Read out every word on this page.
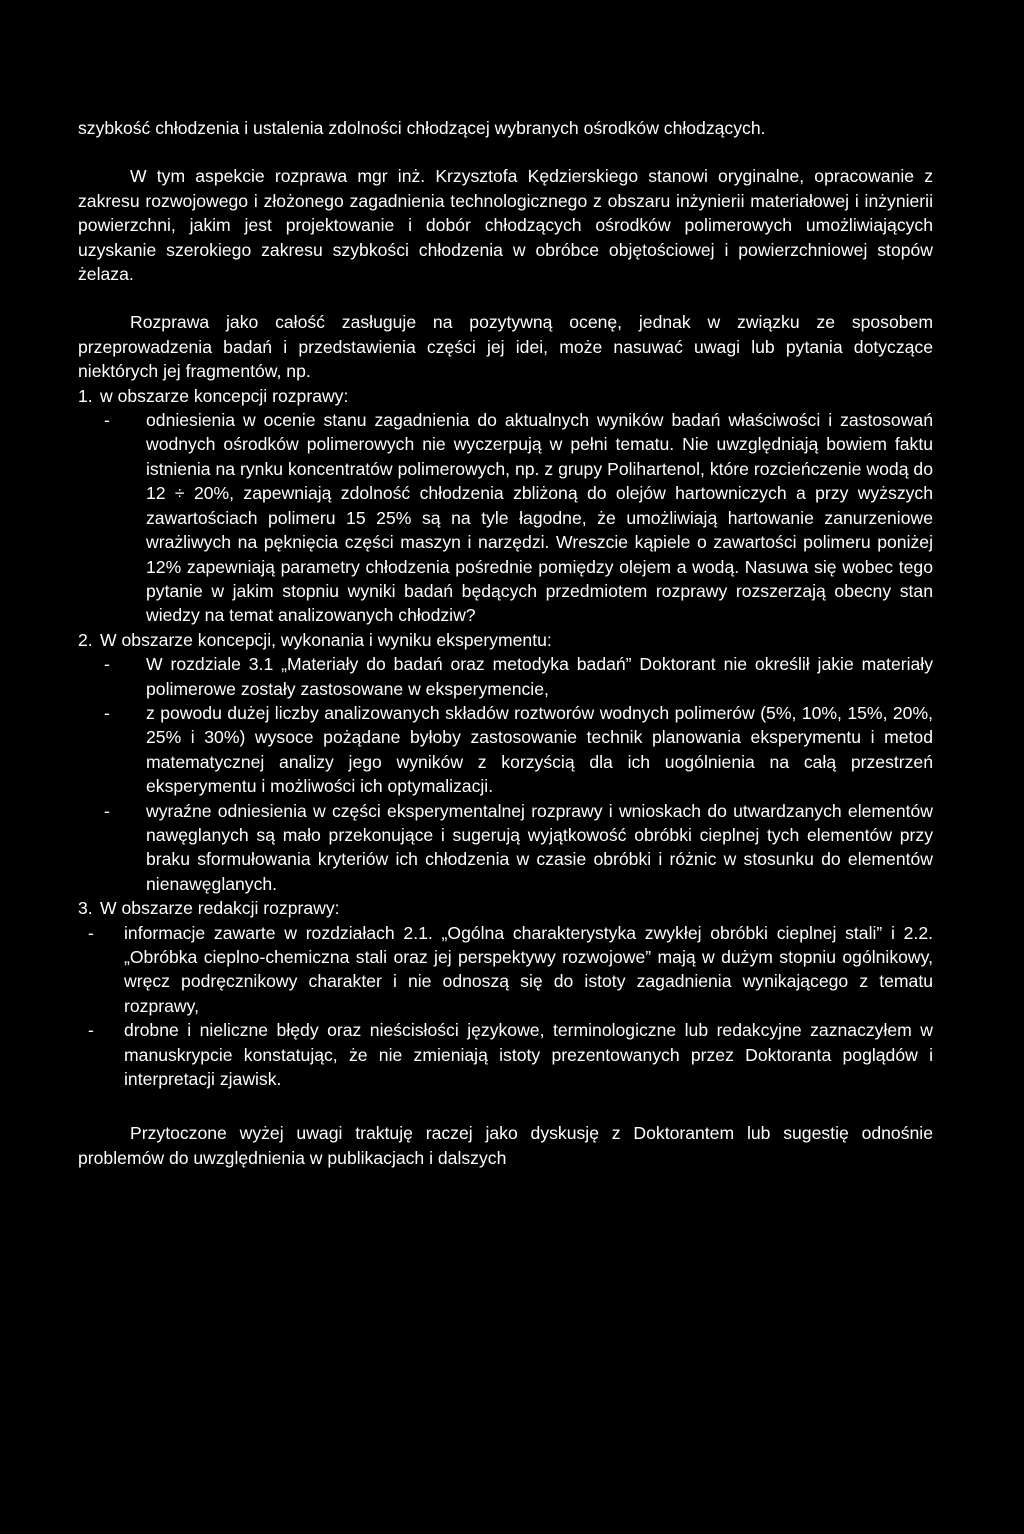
szybkość chłodzenia i ustalenia zdolności chłodzącej wybranych ośrodków chłodzących.

W tym aspekcie rozprawa mgr inż. Krzysztofa Kędzierskiego stanowi oryginalne, opracowanie z zakresu rozwojowego i złożonego zagadnienia technologicznego z obszaru inżynierii materiałowej i inżynierii powierzchni, jakim jest projektowanie i dobór chłodzących ośrodków polimerowych umożliwiających uzyskanie szerokiego zakresu szybkości chłodzenia w obróbce objętościowej i powierzchniowej stopów żelaza.

Rozprawa jako całość zasługuje na pozytywną ocenę, jednak w związku ze sposobem przeprowadzenia badań i przedstawienia części jej idei, może nasuwać uwagi lub pytania dotyczące niektórych jej fragmentów, np.

1. w obszarze koncepcji rozprawy:
-	odniesienia w ocenie stanu zagadnienia do aktualnych wyników badań właściwości i zastosowań wodnych ośrodków polimerowych nie wyczerpują w pełni tematu. Nie uwzględniają bowiem faktu istnienia na rynku koncentratów polimerowych, np. z grupy Polihartenol, które rozcieńczenie wodą do 12 ÷ 20%, zapewniają zdolność chłodzenia zbliżoną do olejów hartowniczych a przy wyższych zawartościach polimeru 15 25% są na tyle łagodne, że umożliwiają hartowanie zanurzeniowe wrażliwych na pęknięcia części maszyn i narzędzi. Wreszcie kąpiele o zawartości polimeru poniżej 12% zapewniają parametry chłodzenia pośrednie pomiędzy olejem a wodą. Nasuwa się wobec tego pytanie w jakim stopniu wyniki badań będących przedmiotem rozprawy rozszerzają obecny stan wiedzy na temat analizowanych chłodziw?
2. W obszarze koncepcji, wykonania i wyniku eksperymentu:
-	W rozdziale 3.1 „Materiały do badań oraz metodyka badań” Doktorant nie określił jakie materiały polimerowe zostały zastosowane w eksperymencie,
-	z powodu dużej liczby analizowanych składów roztworów wodnych polimerów (5%, 10%, 15%, 20%, 25% i 30%) wysoce pożądane byłoby zastosowanie technik planowania eksperymentu i metod matematycznej analizy jego wyników z korzyścią dla ich uogólnienia na całą przestrzeń eksperymentu i możliwości ich optymalizacji.
-	wyraźne odniesienia w części eksperymentalnej rozprawy i wnioskach do utwardzanych elementów nawęglanych są mało przekonujące i sugerują wyjątkowość obróbki cieplnej tych elementów przy braku sformułowania kryteriów ich chłodzenia w czasie obróbki i różnic w stosunku do elementów nienawęglanych.
3. W obszarze redakcji rozprawy:
-	informacje zawarte w rozdziałach 2.1. „Ogólna charakterystyka zwykłej obróbki cieplnej stali” i 2.2. „Obróbka cieplno-chemiczna stali oraz jej perspektywy rozwojowe” mają w dużym stopniu ogólnikowy, wręcz podręcznikowy charakter i nie odnoszą się do istoty zagadnienia wynikającego z tematu rozprawy,
-	drobne i nieliczne błędy oraz nieścisłości językowe, terminologiczne lub redakcyjne zaznaczyłem w manuskrypcie konstatując, że nie zmieniają istoty prezentowanych przez Doktoranta poglądów i interpretacji zjawisk.

Przytoczone wyżej uwagi traktuję raczej jako dyskusję z Doktorantem lub sugestię odnośnie problemów do uwzględnienia w publikacjach i dalszych
